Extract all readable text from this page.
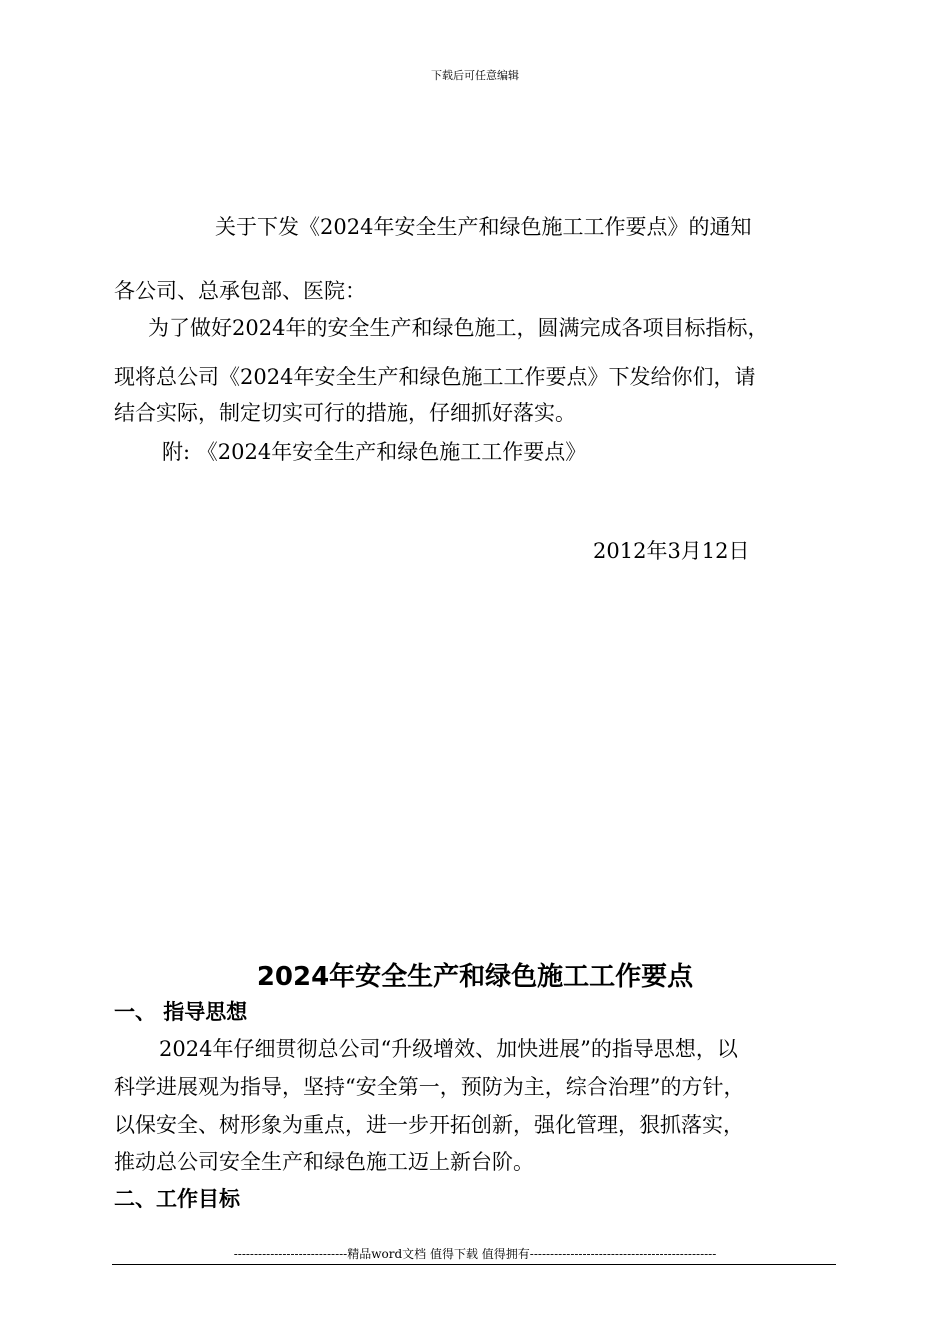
下载后可任意编辑
关于下发《2024年安全生产和绿色施工工作要点》的通知
各公司、总承包部、医院：
为了做好2024年的安全生产和绿色施工，圆满完成各项目标指标，
现将总公司《2024年安全生产和绿色施工工作要点》下发给你们，请
结合实际，制定切实可行的措施，仔细抓好落实。
附: 《2024年安全生产和绿色施工工作要点》
2012年3月12日
2024年安全生产和绿色施工工作要点
一、 指导思想
2024年仔细贯彻总公司“升级增效、加快进展”的指导思想，以
科学进展观为指导，坚持“安全第一，预防为主，综合治理”的方针，
以保安全、树形象为重点，进一步开拓创新，强化管理，狠抓落实，
推动总公司安全生产和绿色施工迈上新台阶。
二、工作目标
----------------------------精品word文档 值得下载 值得拥有----------------------------------------------
